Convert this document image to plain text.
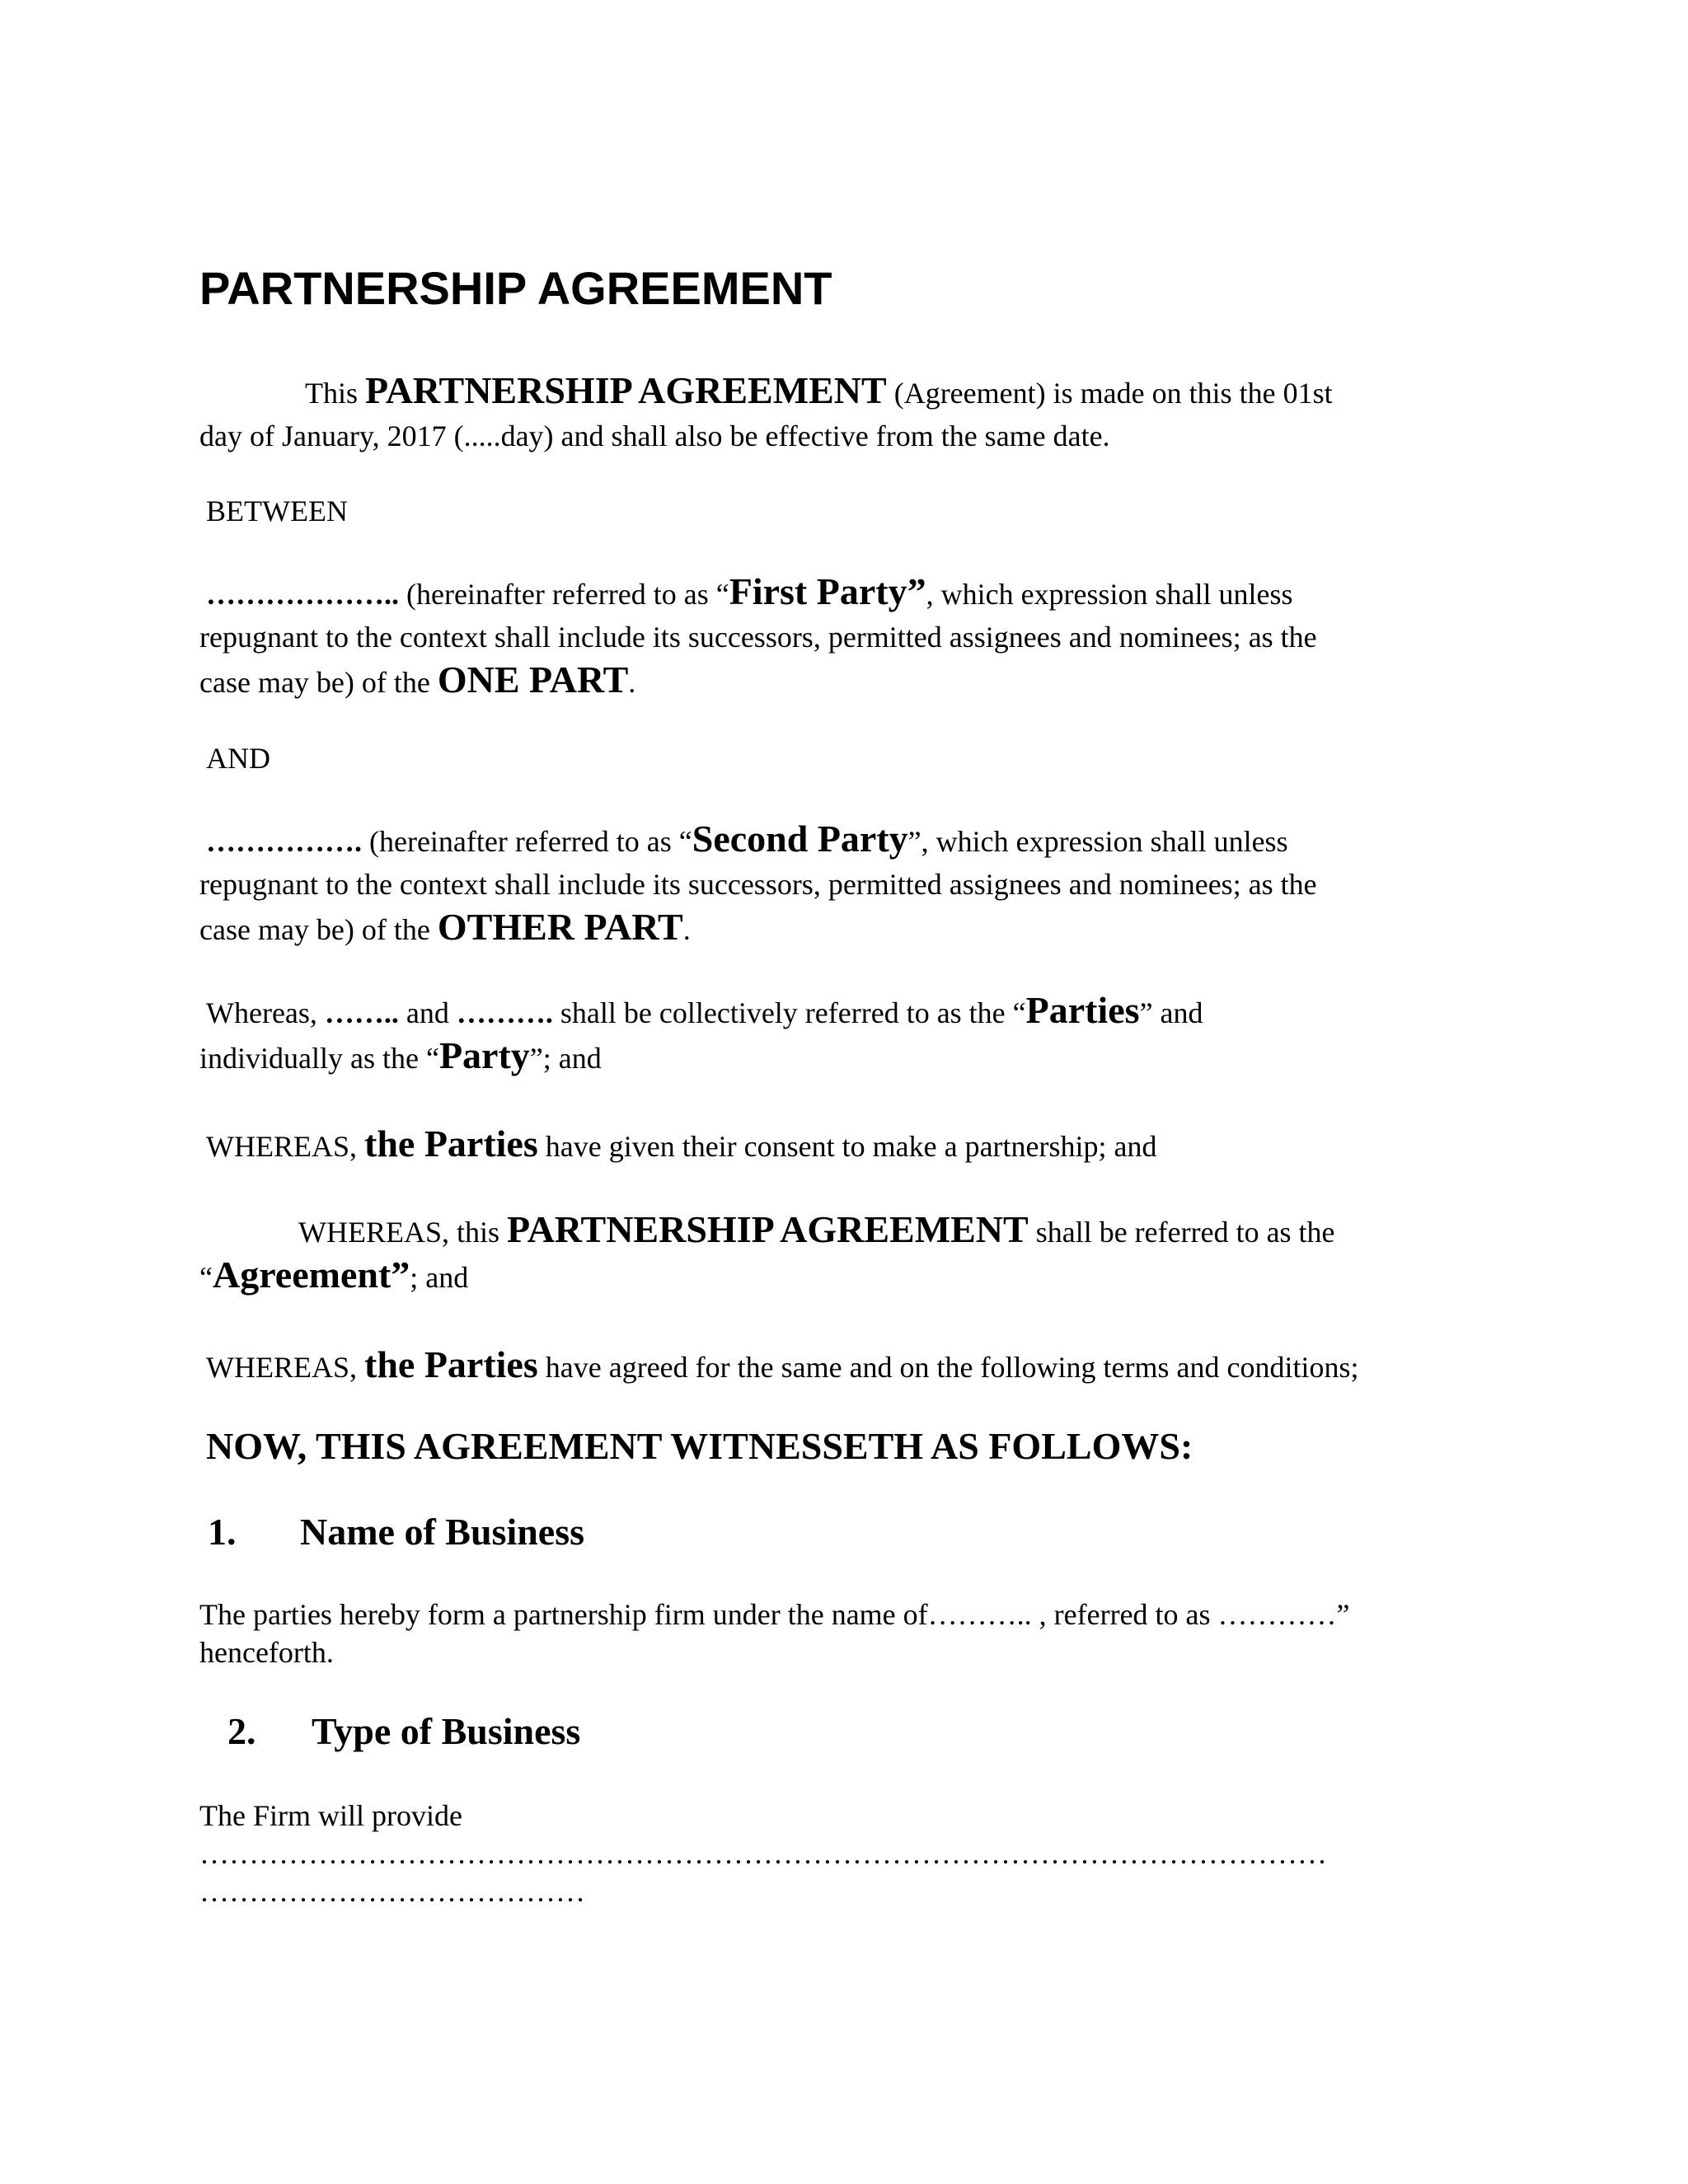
PARTNERSHIP AGREEMENT
This PARTNERSHIP AGREEMENT (Agreement) is made on this the 01st
day of January, 2017 (.....day) and shall also be effective from the same date.
BETWEEN
……………….. (hereinafter referred to as “First Party”, which expression shall unless
repugnant to the context shall include its successors, permitted assignees and nominees; as the
case may be) of the ONE PART.
AND
……………. (hereinafter referred to as “Second Party”, which expression shall unless
repugnant to the context shall include its successors, permitted assignees and nominees; as the
case may be) of the OTHER PART.
Whereas, …….. and ………. shall be collectively referred to as the “Parties” and
individually as the “Party”; and
WHEREAS, the Parties have given their consent to make a partnership; and
WHEREAS, this PARTNERSHIP AGREEMENT shall be referred to as the
“Agreement”; and
WHEREAS, the Parties have agreed for the same and on the following terms and conditions;
NOW, THIS AGREEMENT WITNESSETH AS FOLLOWS:
1. Name of Business
The parties hereby form a partnership firm under the name of……….. , referred to as …………”
henceforth.
2. Type of Business
The Firm will provide
……………………………………………………………………………………………………
…………………………………
